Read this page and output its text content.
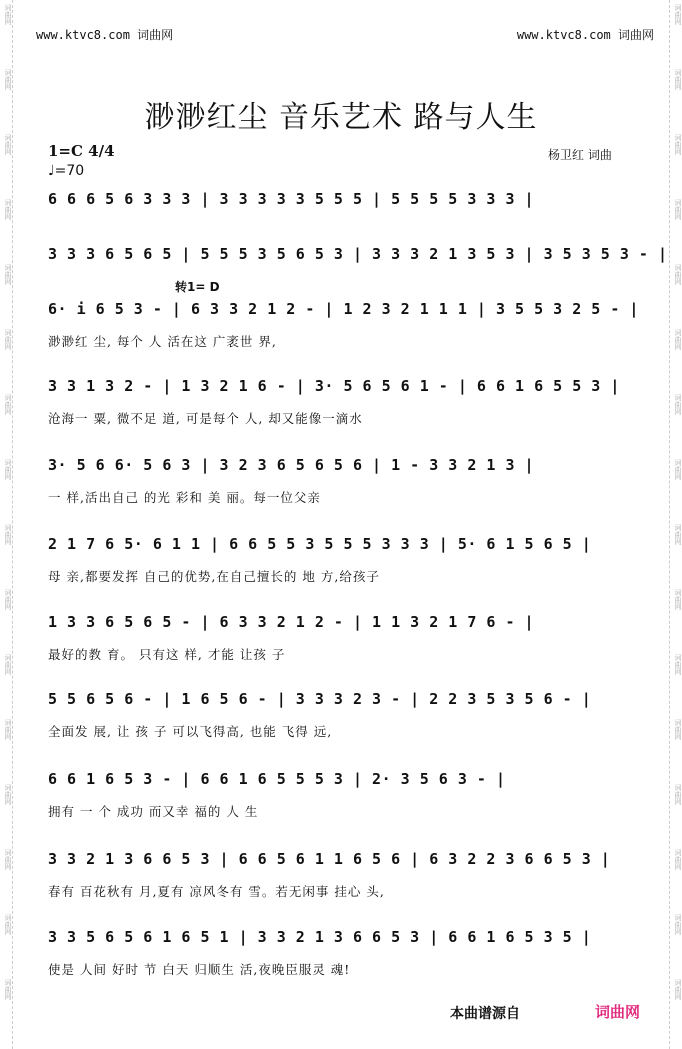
词曲网
词曲网
词曲网
词曲网
词曲网
词曲网
词曲网
词曲网
词曲网
词曲网
词曲网
词曲网
词曲网
词曲网
词曲网
词曲网
词曲网
词曲网
词曲网
词曲网
词曲网
词曲网
词曲网
词曲网
词曲网
词曲网
词曲网
词曲网
词曲网
词曲网
词曲网
词曲网
www.ktvc8.com 词曲网	www.ktvc8.com 词曲网
渺渺红尘 音乐艺术 路与人生
1=C 4/4
♩=70
杨卫红 词曲
转1= D
6 6 6 5 6 3 3 3 | 3 3 3 3 3 5 5 5 | 5 5 5 5 3 3 3 |
3 3 3 6 5 6 5 | 5 5 5 3 5 6 5 3 | 3 3 3 2 1 3 5 3 | 3 5 3 5 3 - |
6· i 6 5 3 - | 6 3 3 2 1 2 - | 1 2 3 2 1 1 1 | 3 5 5 3 2 5 - |
渺渺红 尘, 每个 人 活在这 广袤世 界,
3 3 1 3 2 - | 1 3 2 1 6 - | 3· 5 6 5 6 1 - | 6 6 1 6 5 5 3 |
沧海一 粟, 微不足 道, 可是每个 人, 却又能像一滴水
3· 5 6 6· 5 6 3 | 3 2 3 6 5 6 5 6 | 1 - 3 3 2 1 3 |
一 样,活出自己 的光 彩和 美 丽。每一位父亲
2 1 7 6 5· 6 1 1 | 6 6 5 5 3 5 5 5 3 3 3 | 5· 6 1 5 6 5 |
母 亲,都要发挥 自己的优势,在自己擅长的 地 方,给孩子
1 3 3 6 5 6 5 - | 6 3 3 2 1 2 - | 1 1 3 2 1 7 6 - |
最好的教 育。 只有这 样, 才能 让孩 子
5 5 6 5 6 - | 1 6 5 6 - | 3 3 3 2 3 - | 2 2 3 5 3 5 6 - |
全面发 展, 让 孩 子 可以飞得高, 也能 飞得 远,
6 6 1 6 5 3 - | 6 6 1 6 5 5 5 3 | 2· 3 5 6 3 - |
拥有 一 个 成功 而又幸 福的 人 生
3 3 2 1 3 6 6 5 3 | 6 6 5 6 1 1 6 5 6 | 6 3 2 2 3 6 6 5 3 |
春有 百花秋有 月,夏有 凉风冬有 雪。若无闲事 挂心 头,
3 3 5 6 5 6 1 6 5 1 | 3 3 2 1 3 6 6 5 3 | 6 6 1 6 5 3 5 |
使是 人间 好时 节 白天 归顺生 活,夜晚臣服灵 魂!
本曲谱源自	词曲网
